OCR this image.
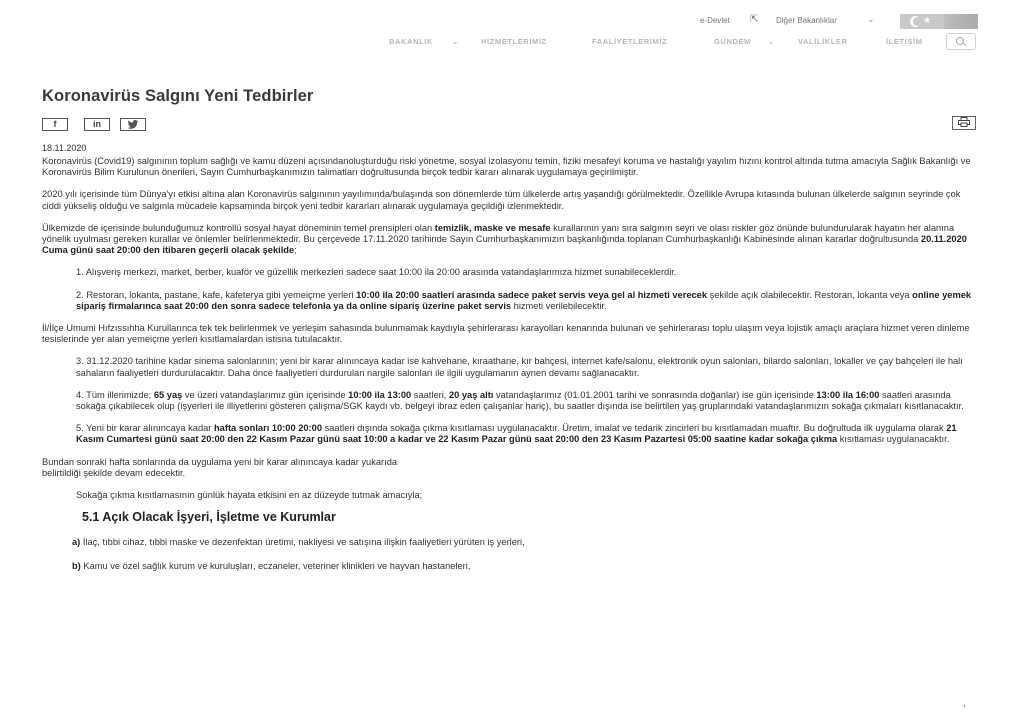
e-Devlet ⇱ Diğer Bakanlıklar	⌄	★
BAKANLIK	⌄	HİZMETLERİMİZ	FAALİYETLERİMİZ	GÜNDEM ⌄	VALİLİKLER	İLETİŞİM
Koronavirüs Salgını Yeni Tedbirler
f	in
18.11.2020

Koronavirüs (Covid19) salgınının toplum sağlığı ve kamu düzeni açısındanoluşturduğu riski yönetme, sosyal izolasyonu temin, fiziki mesafeyi koruma ve hastalığı yayılım hızını kontrol altında tutma amacıyla Sağlık Bakanlığı ve Koronavirüs Bilim Kurulunun önerileri, Sayın Cumhurbaşkanımızın talimatları doğrultusunda birçok tedbir kararı alınarak uygulamaya geçirilmiştir.

2020 yılı içerisinde tüm Dünya'yı etkisi altına alan Koronavirüs salgınının yayılımında/bulaşında son dönemlerde tüm ülkelerde artış yaşandığı görülmektedir. Özellikle Avrupa kıtasında bulunan ülkelerde salgının seyrinde çok ciddi yükseliş olduğu ve salgınla mücadele kapsamında birçok yeni tedbir kararları alınarak uygulamaya geçildiği izlenmektedir.

Ülkemizde de içerisinde bulunduğumuz kontrollü sosyal hayat döneminin temel prensipleri olan temizlik, maske ve mesafe kurallarının yanı sıra salgının seyri ve olası riskler göz önünde bulundurularak hayatın her alanına yönelik uyulması gereken kurallar ve önlemler belirlenmektedir. Bu çerçevede 17.11.2020 tarihinde Sayın Cumhurbaşkanımızın başkanlığında toplanan Cumhurbaşkanlığı Kabinesinde alınan kararlar doğrultusunda 20.11.2020 Cuma günü saat 20:00 den itibaren geçerli olacak şekilde;

1. Alışveriş merkezi, market, berber, kuaför ve güzellik merkezleri sadece saat 10:00 ila 20:00 arasında vatandaşlarımıza hizmet sunabileceklerdir.

2. Restoran, lokanta, pastane, kafe, kafeterya gibi yemeiçme yerleri 10:00 ila 20:00 saatleri arasında sadece paket servis veya gel al hizmeti verecek şekilde açık olabilecektir. Restoran, lokanta veya online yemek sipariş firmalarınca saat 20:00 den sonra sadece telefonla ya da online sipariş üzerine paket servis hizmeti verilebilecektir.

İl/İlçe Umumi Hıfzıssıhha Kurullarınca tek tek belirlenmek ve yerleşim sahasında bulunmamak kaydıyla şehirlerarası karayolları kenarında bulunan ve şehirlerarası toplu ulaşım veya lojistik amaçlı araçlara hizmet veren dinleme tesislerinde yer alan yemeiçme yerleri kısıtlamalardan istisna tutulacaktır.

3. 31.12.2020 tarihine kadar sinema salonlarının; yeni bir karar alınıncaya kadar ise kahvehane, kıraathane, kır bahçesi, internet kafe/salonu, elektronik oyun salonları, bilardo salonları, lokaller ve çay bahçeleri ile halı sahaların faaliyetleri durdurulacaktır. Daha önce faaliyetleri durdurulan nargile salonları ile ilgili uygulamanın aynen devamı sağlanacaktır.

4. Tüm illerimizde; 65 yaş ve üzeri vatandaşlarımız gün içerisinde 10:00 ila 13:00 saatleri, 20 yaş altı vatandaşlarımız (01.01.2001 tarihi ve sonrasında doğanlar) ise gün içerisinde 13:00 ila 16:00 saatleri arasında sokağa çıkabilecek olup (işyerleri ile illiyetlerini gösteren çalışma/SGK kaydı vb. belgeyi ibraz eden çalışanlar hariç), bu saatler dışında ise belirtilen yaş gruplarındaki vatandaşlarımızın sokağa çıkmaları kısıtlanacaktır.

5. Yeni bir karar alınıncaya kadar hafta sonları 10:00 20:00 saatleri dışında sokağa çıkma kısıtlaması uygulanacaktır. Üretim, imalat ve tedarik zincirleri bu kısıtlamadan muaftır. Bu doğrultuda ilk uygulama olarak 21 Kasım Cumartesi günü saat 20:00 den 22 Kasım Pazar günü saat 10:00 a kadar ve 22 Kasım Pazar günü saat 20:00 den 23 Kasım Pazartesi 05:00 saatine kadar sokağa çıkma kısıtlaması uygulanacaktır.

Bundan sonraki hafta sonlarında da uygulama yeni bir karar alınıncaya kadar yukarıda
belirtildiği şekilde devam edecektir.

Sokağa çıkma kısıtlamasının günlük hayata etkisini en az düzeyde tutmak amacıyla;

5.1 Açık Olacak İşyeri, İşletme ve Kurumlar
a) İlaç, tıbbi cihaz, tıbbi maske ve dezenfektan üretimi, nakliyesi ve satışına ilişkin faaliyetleri yürüten iş yerleri,
b) Kamu ve özel sağlık kurum ve kuruluşları, eczaneler, veteriner klinikleri ve hayvan hastaneleri,
,
